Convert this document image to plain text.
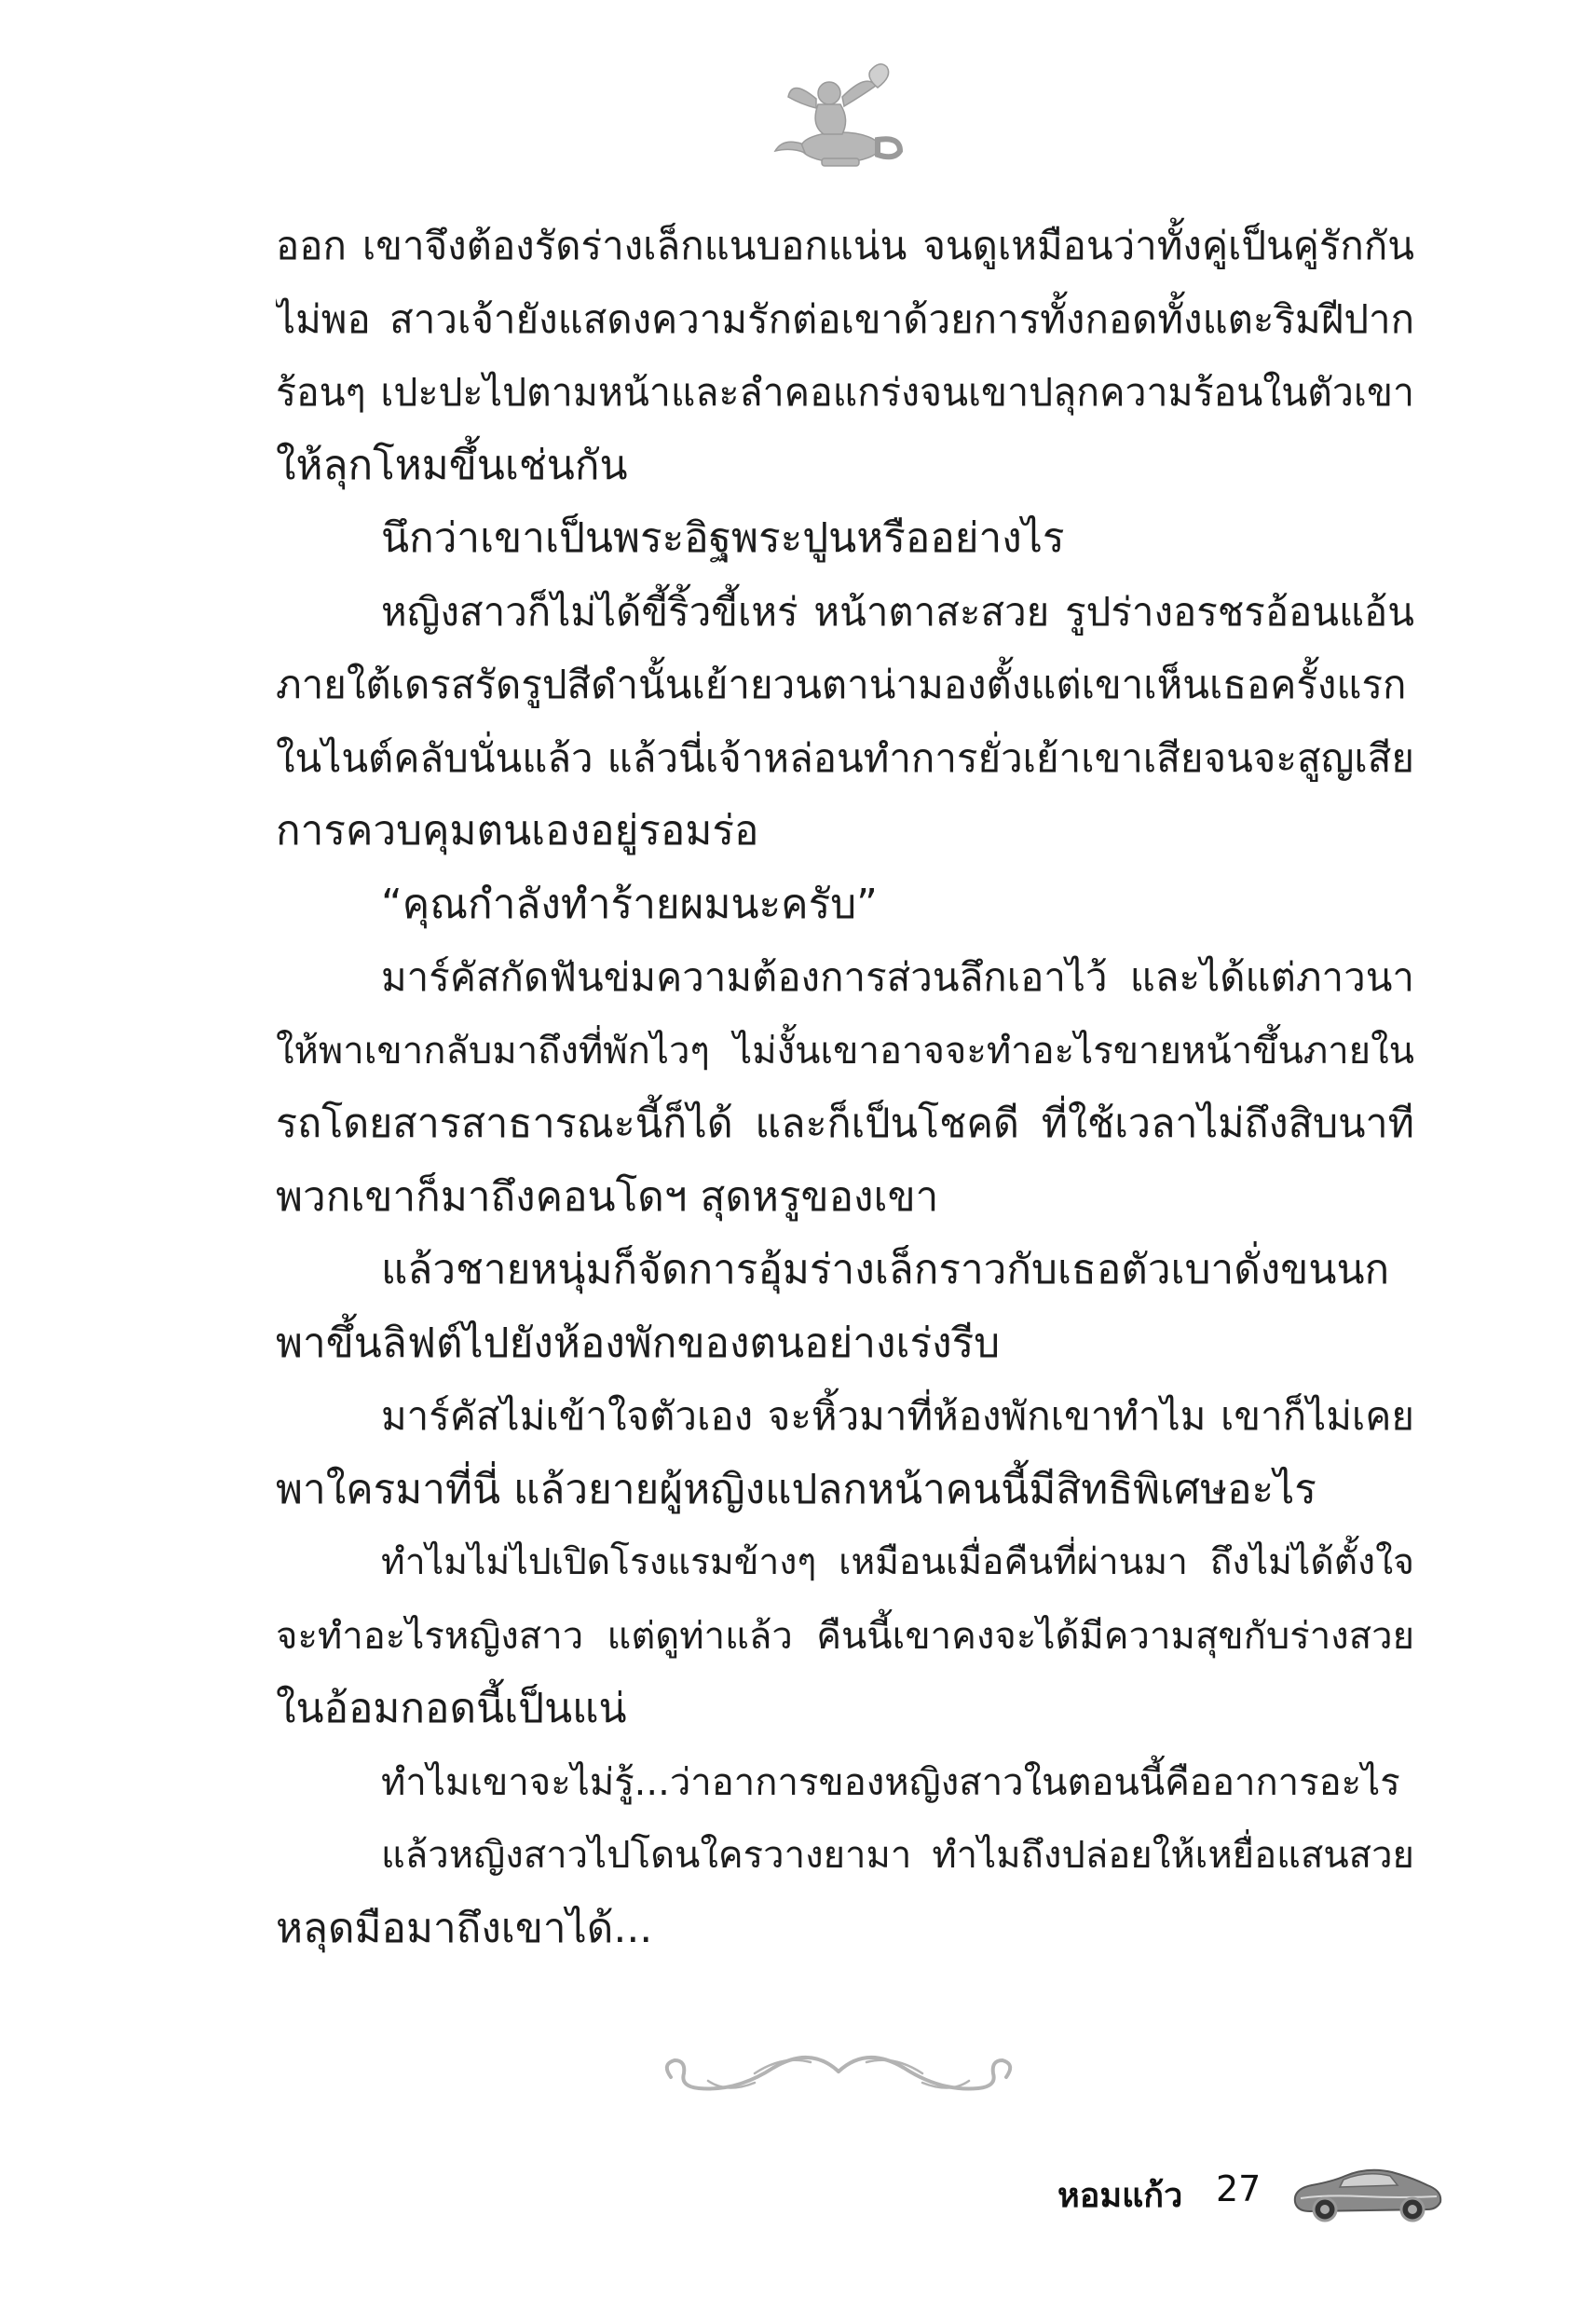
ออก เขาจึงต้องรัดร่างเล็กแนบอกแน่น จนดูเหมือนว่าทั้งคู่เป็นคู่รักกัน
ไม่พอ สาวเจ้ายังแสดงความรักต่อเขาด้วยการทั้งกอดทั้งแตะริมฝีปาก
ร้อนๆ เปะปะไปตามหน้าและลำคอแกร่งจนเขาปลุกความร้อนในตัวเขา
ให้ลุกโหมขึ้นเช่นกัน
นึกว่าเขาเป็นพระอิฐพระปูนหรืออย่างไร
หญิงสาวก็ไม่ได้ขี้ริ้วขี้เหร่ หน้าตาสะสวย รูปร่างอรชรอ้อนแอ้น
ภายใต้เดรสรัดรูปสีดำนั้นเย้ายวนตาน่ามองตั้งแต่เขาเห็นเธอครั้งแรก
ในไนต์คลับนั่นแล้ว แล้วนี่เจ้าหล่อนทำการยั่วเย้าเขาเสียจนจะสูญเสีย
การควบคุมตนเองอยู่รอมร่อ
“คุณกำลังทำร้ายผมนะครับ”
มาร์คัสกัดฟันข่มความต้องการส่วนลึกเอาไว้ และได้แต่ภาวนา
ให้พาเขากลับมาถึงที่พักไวๆ ไม่งั้นเขาอาจจะทำอะไรขายหน้าขึ้นภายใน
รถโดยสารสาธารณะนี้ก็ได้ และก็เป็นโชคดี ที่ใช้เวลาไม่ถึงสิบนาที
พวกเขาก็มาถึงคอนโดฯ สุดหรูของเขา
แล้วชายหนุ่มก็จัดการอุ้มร่างเล็กราวกับเธอตัวเบาดั่งขนนก
พาขึ้นลิฟต์ไปยังห้องพักของตนอย่างเร่งรีบ
มาร์คัสไม่เข้าใจตัวเอง จะหิ้วมาที่ห้องพักเขาทำไม เขาก็ไม่เคย
พาใครมาที่นี่ แล้วยายผู้หญิงแปลกหน้าคนนี้มีสิทธิพิเศษอะไร
ทำไมไม่ไปเปิดโรงแรมข้างๆ เหมือนเมื่อคืนที่ผ่านมา ถึงไม่ได้ตั้งใจ
จะทำอะไรหญิงสาว แต่ดูท่าแล้ว คืนนี้เขาคงจะได้มีความสุขกับร่างสวย
ในอ้อมกอดนี้เป็นแน่
ทำไมเขาจะไม่รู้...ว่าอาการของหญิงสาวในตอนนี้คืออาการอะไร
แล้วหญิงสาวไปโดนใครวางยามา ทำไมถึงปล่อยให้เหยื่อแสนสวย
หลุดมือมาถึงเขาได้...
หอมแก้ว 27
